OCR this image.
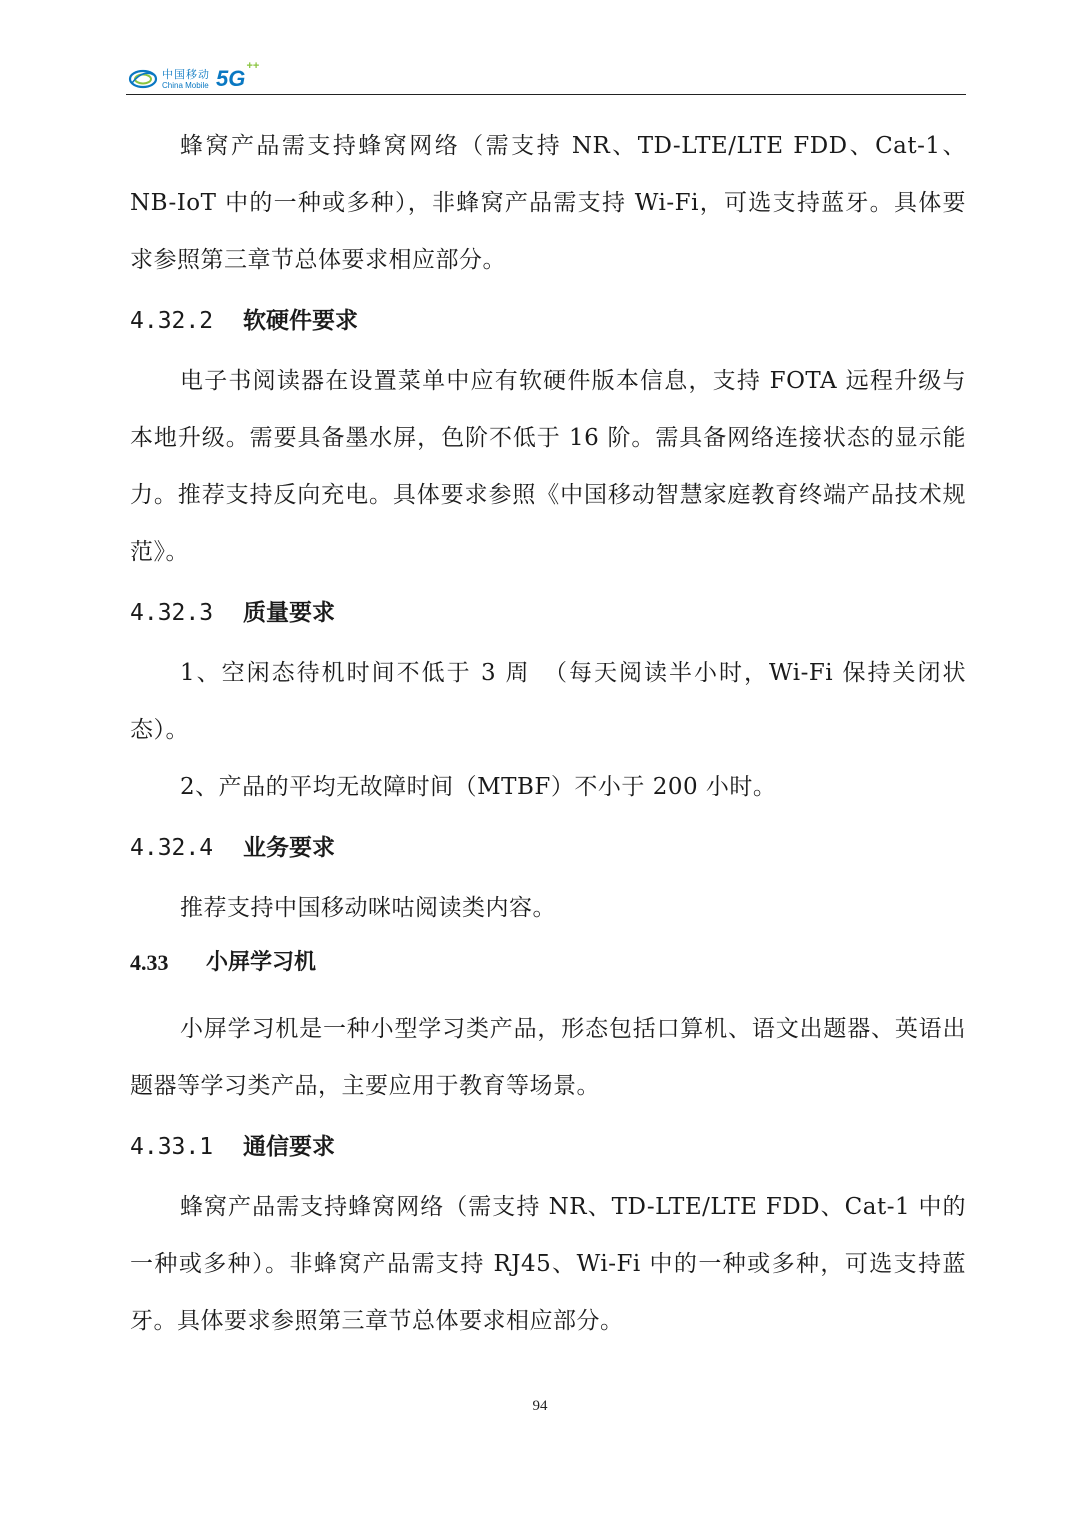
中国移动
China Mobile 5G ++

蜂窝产品需支持蜂窝网络（需支持 NR、TD-LTE/LTE FDD、Cat-1、NB-IoT 中的一种或多种），非蜂窝产品需支持 Wi-Fi，可选支持蓝牙。具体要求参照第三章节总体要求相应部分。

4.32.2	软硬件要求

电子书阅读器在设置菜单中应有软硬件版本信息，支持 FOTA 远程升级与本地升级。需要具备墨水屏，色阶不低于 16 阶。需具备网络连接状态的显示能力。推荐支持反向充电。具体要求参照《中国移动智慧家庭教育终端产品技术规范》。

4.32.3	质量要求

1、空闲态待机时间不低于 3 周　（每天阅读半小时，Wi-Fi 保持关闭状态）。

2、产品的平均无故障时间（MTBF）不小于 200 小时。

4.32.4	业务要求

推荐支持中国移动咪咕阅读类内容。

4.33	小屏学习机

小屏学习机是一种小型学习类产品，形态包括口算机、语文出题器、英语出题器等学习类产品，主要应用于教育等场景。

4.33.1	通信要求

蜂窝产品需支持蜂窝网络（需支持 NR、TD-LTE/LTE FDD、Cat-1 中的一种或多种）。非蜂窝产品需支持 RJ45、Wi-Fi 中的一种或多种，可选支持蓝牙。具体要求参照第三章节总体要求相应部分。

94
